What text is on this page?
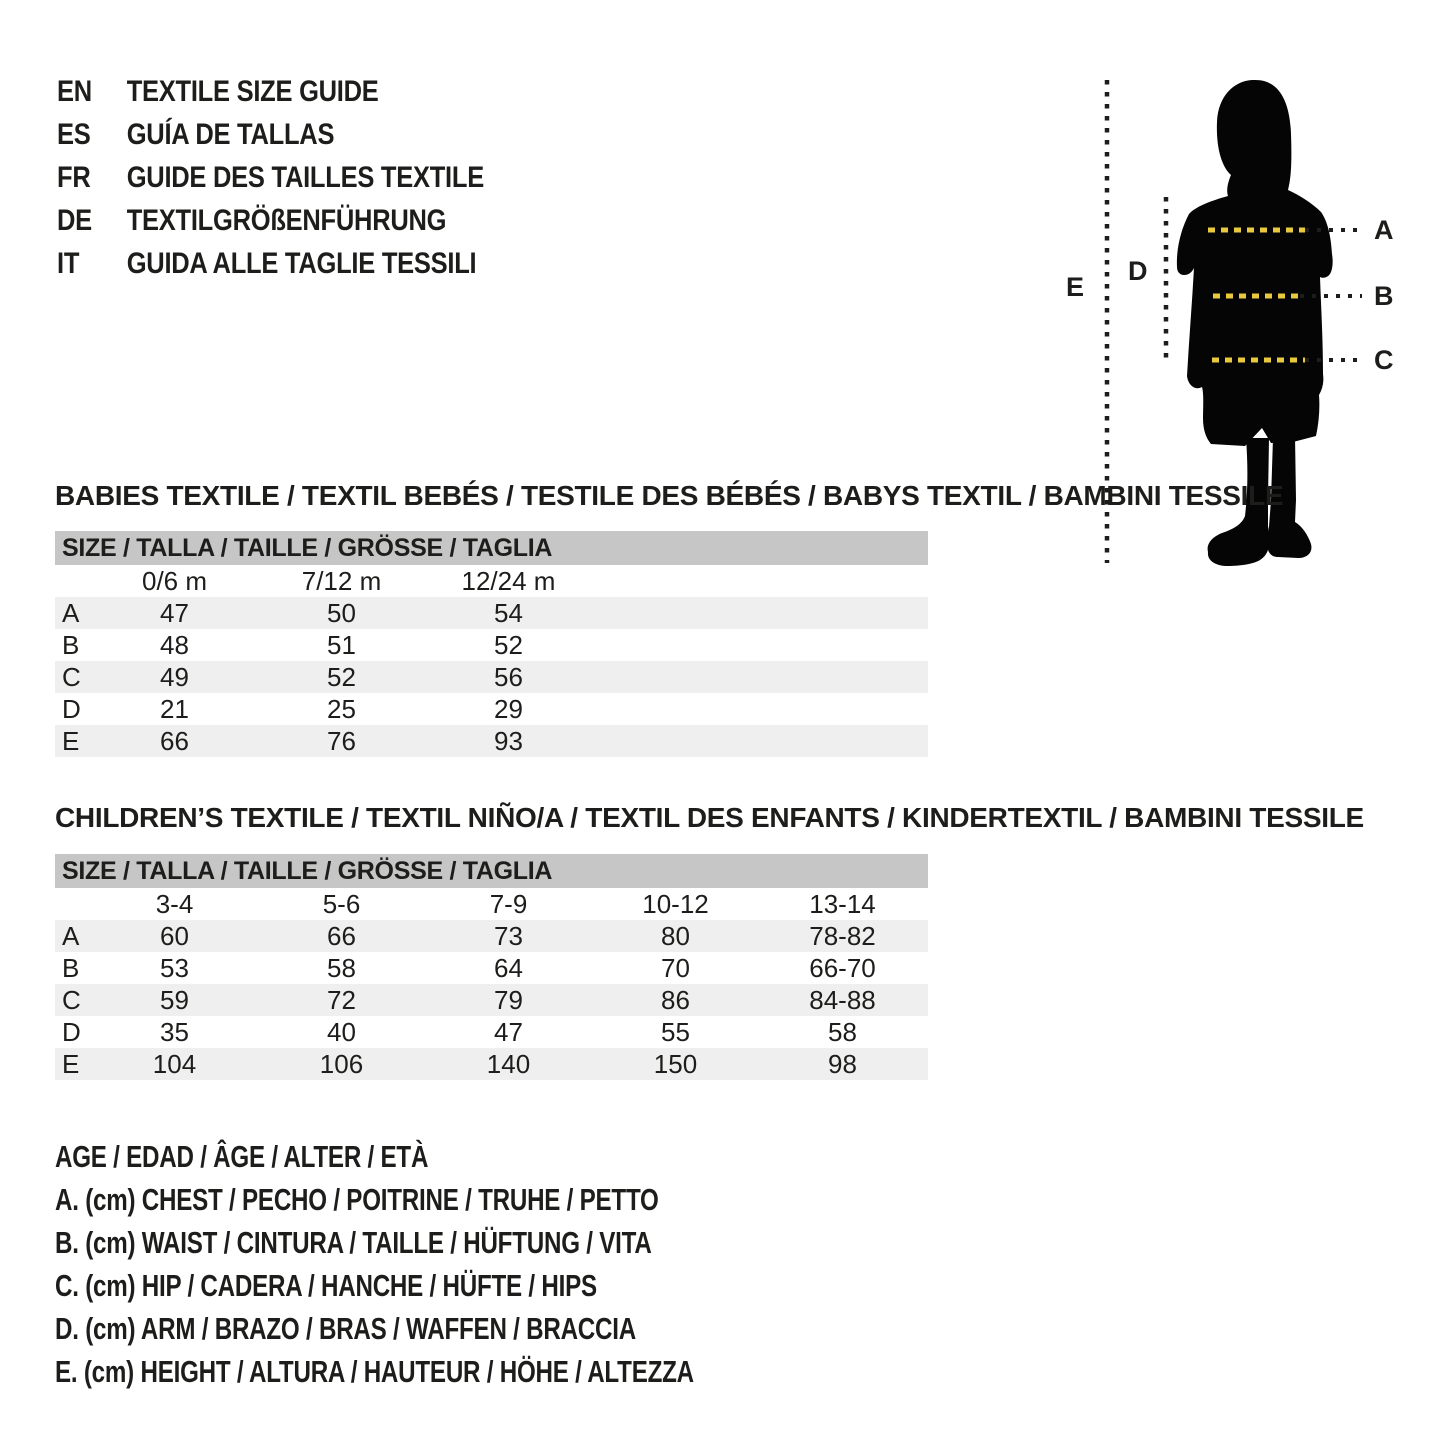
EN TEXTILE SIZE GUIDE
ES GUÍA DE TALLAS
FR GUIDE DES TAILLES TEXTILE
DE TEXTILGRÖßENFÜHRUNG
IT GUIDA ALLE TAGLIE TESSILI
A
B
C
D
E
BABIES TEXTILE / TEXTIL BEBÉS / TESTILE DES BÉBÉS / BABYS TEXTIL / BAMBINI TESSILE
SIZE / TALLA / TAILLE / GRÖSSE / TAGLIA
0/6 m	7/12 m	12/24 m
A	47	50	54
B	48	51	52
C	49	52	56
D	21	25	29
E	66	76	93
CHILDREN’S TEXTILE / TEXTIL NIÑO/A / TEXTIL DES ENFANTS / KINDERTEXTIL / BAMBINI TESSILE
SIZE / TALLA / TAILLE / GRÖSSE / TAGLIA
3-4	5-6	7-9	10-12	13-14
A	60	66	73	80	78-82
B	53	58	64	70	66-70
C	59	72	79	86	84-88
D	35	40	47	55	58
E	104	106	140	150	98
AGE / EDAD / ÂGE / ALTER / ETÀ
A. (cm) CHEST / PECHO / POITRINE / TRUHE / PETTO
B. (cm) WAIST / CINTURA / TAILLE / HÜFTUNG / VITA
C. (cm) HIP / CADERA / HANCHE / HÜFTE / HIPS
D. (cm) ARM / BRAZO / BRAS / WAFFEN / BRACCIA
E. (cm) HEIGHT / ALTURA / HAUTEUR / HÖHE / ALTEZZA
